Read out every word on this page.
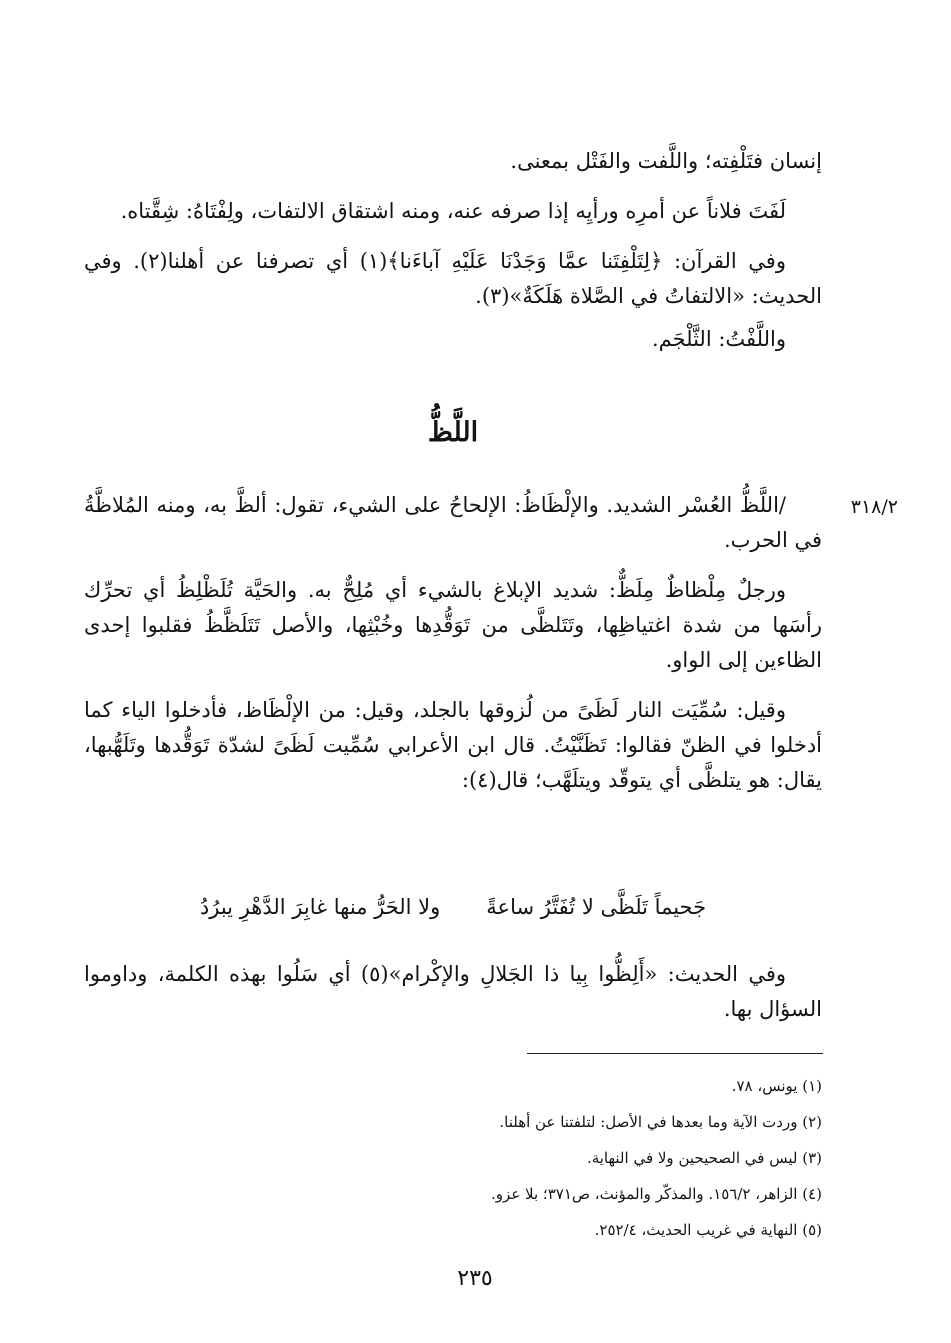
إنسان فتَلْفِته؛ واللَّفت والفَتْل بمعنى.

لَفَتَ فلاناً عن أمرِه ورأيِه إذا صرفه عنه، ومنه اشتقاق الالتفات، ولِفْتَاهُ: شِقَّتاه.

وفي القرآن: ﴿لِتَلْفِتَنا عمَّا وَجَدْنَا عَلَيْهِ آباءَنا﴾(١) أي تصرفنا عن أهلنا(٢). وفي الحديث: «الالتفاتُ في الصَّلاة هَلَكَةٌ»(٣).

واللَّفْتُ: الثَّلْجَم.

اللَّظُّ
٣١٨/٢

/اللَّظُّ العُسْر الشديد. والإلْظَاظُ: الإلحاحُ على الشيء، تقول: ألظَّ به، ومنه المُلاظَّةُ في الحرب.

ورجلٌ مِلْظاظٌ مِلَظٌّ: شديد الإبلاغ بالشيء أي مُلِحٌّ به. والحَيَّة تُلَظْلِظُ أي تحرِّك رأسَها من شدة اغتياظِها، وتَتَلظَّى من تَوَقُّدِها وخُبْثِها، والأصل تَتَلَظَّظُ فقلبوا إحدى الظاءين إلى الواو.

وقيل: سُمِّيَت النار لَظَىً من لُزوقها بالجلد، وقيل: من الإلْظَاظ، فأدخلوا الياء كما أدخلوا في الظنّ فقالوا: تَظَنَّيْتُ. قال ابن الأعرابي سُمِّيت لَظَىً لشدّة تَوَقُّدها وتَلَهُّبها، يقال: هو يتلظَّى أي يتوقّد ويتلَهَّب؛ قال(٤):

جَحيماً تَلَظَّى لا تُفَتَّرُ ساعةً
ولا الحَرُّ منها غابِرَ الدَّهْرِ يبرُدُ

وفي الحديث: «أَلِظُّوا بِيا ذا الجَلالِ والإكْرام»(٥) أي سَلُوا بهذه الكلمة، وداوموا السؤال بها.

(١) يونس، ٧٨.
(٢) وردت الآية وما بعدها في الأصل: لتلفتنا عن أهلنا.
(٣) ليس في الصحيحين ولا في النهاية.
(٤) الزاهر، ١٥٦/٢. والمذكّر والمؤنث، ص٣٧١؛ بلا عزو.
(٥) النهاية في غريب الحديث، ٢٥٢/٤.
٢٣٥
